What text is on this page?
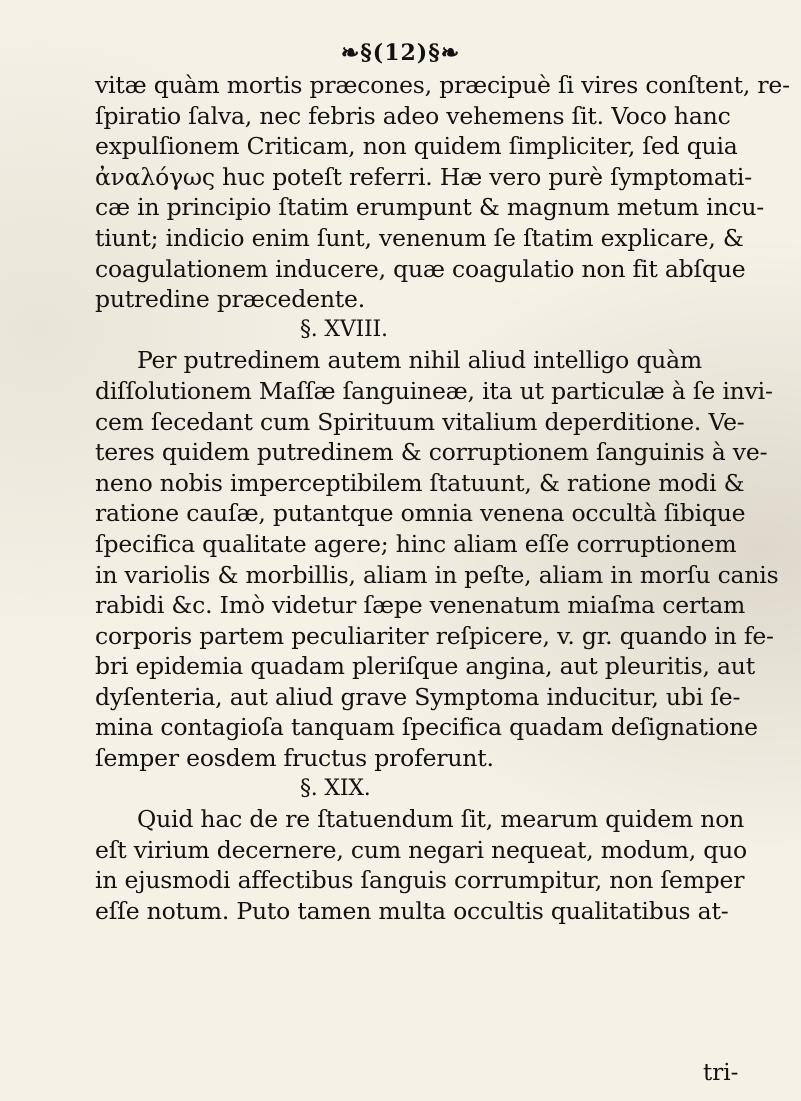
❧§(12)§❧
vitæ quàm mortis præcones, præcipuè ſi vires conſtent, re-
ſpiratio ſalva, nec febris adeo vehemens ſit. Voco hanc
expulſionem Criticam, non quidem ſimpliciter, ſed quia
ἀναλόγως huc poteſt referri. Hæ vero purè ſymptomati-
cæ in principio ſtatim erumpunt & magnum metum incu-
tiunt; indicio enim ſunt, venenum ſe ſtatim explicare, &
coagulationem inducere, quæ coagulatio non fit abſque
putredine præcedente.
§. XVIII.
Per putredinem autem nihil aliud intelligo quàm
diſſolutionem Maſſæ ſanguineæ, ita ut particulæ à ſe invi-
cem ſecedant cum Spirituum vitalium deperditione. Ve-
teres quidem putredinem & corruptionem ſanguinis à ve-
neno nobis imperceptibilem ſtatuunt, & ratione modi &
ratione cauſæ, putantque omnia venena occultà ſibique
ſpecifica qualitate agere; hinc aliam eſſe corruptionem
in variolis & morbillis, aliam in peſte, aliam in morſu canis
rabidi &c. Imò videtur ſæpe venenatum miaſma certam
corporis partem peculiariter reſpicere, v. gr. quando in fe-
bri epidemia quadam pleriſque angina, aut pleuritis, aut
dyſenteria, aut aliud grave Symptoma inducitur, ubi ſe-
mina contagioſa tanquam ſpecifica quadam deſignatione
ſemper eosdem fructus proferunt.
§. XIX.
Quid hac de re ſtatuendum ſit, mearum quidem non
eſt virium decernere, cum negari nequeat, modum, quo
in ejusmodi affectibus ſanguis corrumpitur, non ſemper
eſſe notum. Puto tamen multa occultis qualitatibus at-
tri-
